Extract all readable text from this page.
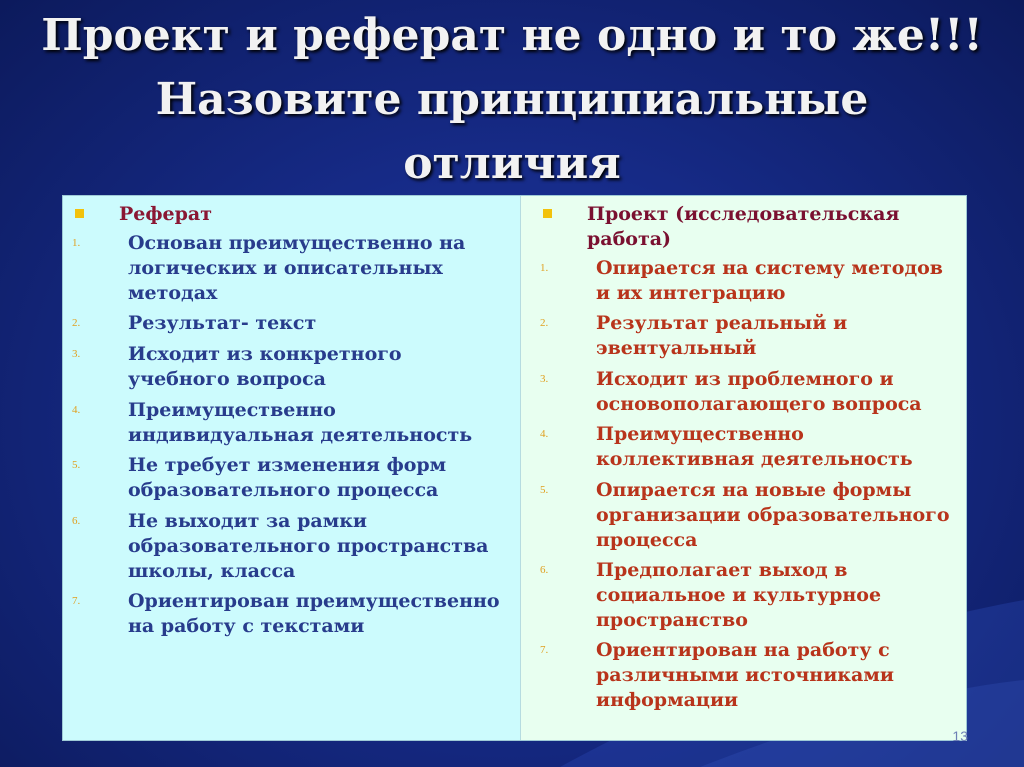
Проект и реферат не одно и то же!!! Назовите принципиальные отличия
Реферат
1.	Основан преимущественно на логических и описательных методах
2.	Результат- текст
3.	Исходит из конкретного учебного вопроса
4.	Преимущественно индивидуальная деятельность
5.	Не требует изменения форм образовательного процесса
6.	Не выходит за рамки образовательного пространства школы, класса
7.	Ориентирован преимущественно на работу с текстами
Проект (исследовательская работа)
1.	Опирается на систему методов и их интеграцию
2.	Результат реальный и эвентуальный
3.	Исходит из проблемного и основополагающего вопроса
4.	Преимущественно коллективная деятельность
5.	Опирается на новые формы организации образовательного процесса
6.	Предполагает выход в социальное и культурное пространство
7.	Ориентирован на работу с различными источниками информации
13
